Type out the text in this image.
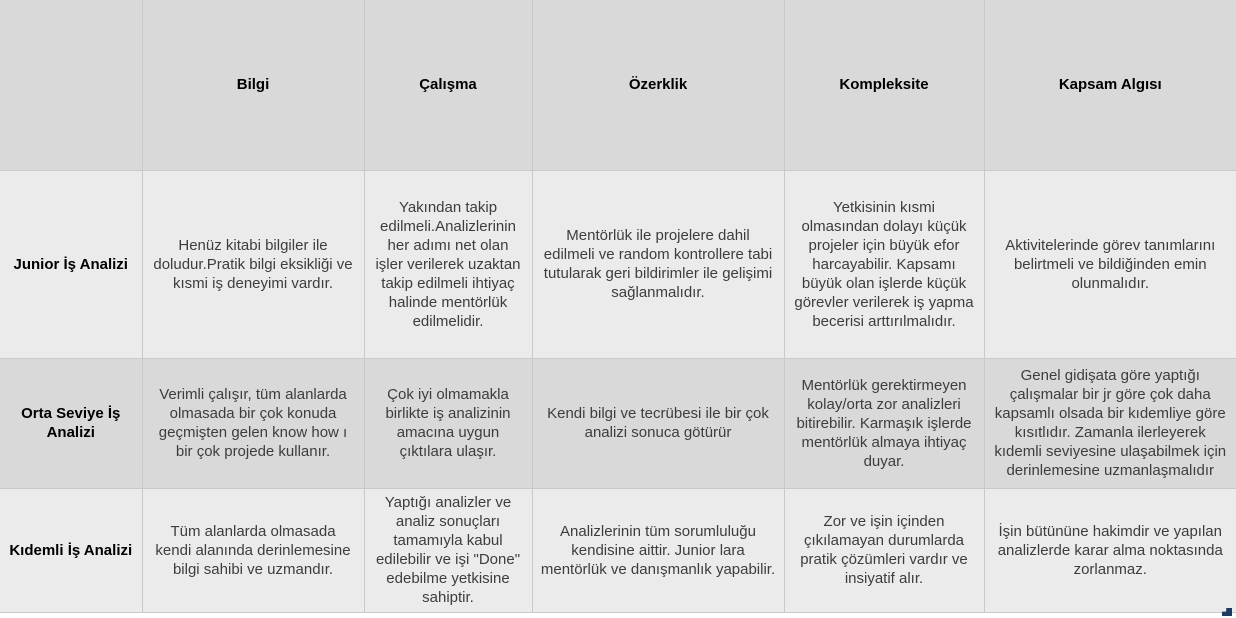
	Bilgi	Çalışma	Özerklik	Kompleksite	Kapsam Algısı
Junior İş Analizi	Henüz kitabi bilgiler ile doludur.Pratik bilgi eksikliği ve kısmi iş deneyimi vardır.	Yakından takip edilmeli.Analizlerinin her adımı net olan işler verilerek uzaktan takip edilmeli ihtiyaç halinde mentörlük edilmelidir.	Mentörlük ile projelere dahil edilmeli ve random kontrollere tabi tutularak geri bildirimler ile gelişimi sağlanmalıdır.	Yetkisinin kısmi olmasından dolayı küçük projeler için büyük efor harcayabilir. Kapsamı büyük olan işlerde küçük görevler verilerek iş yapma becerisi arttırılmalıdır.	Aktivitelerinde görev tanımlarını belirtmeli ve bildiğinden emin olunmalıdır.
Orta Seviye İş Analizi	Verimli çalışır, tüm alanlarda olmasada bir çok konuda geçmişten gelen know how ı bir çok projede kullanır.	Çok iyi olmamakla birlikte iş analizinin amacına uygun çıktılara ulaşır.	Kendi bilgi ve tecrübesi ile bir çok analizi sonuca götürür	Mentörlük gerektirmeyen kolay/orta zor analizleri bitirebilir. Karmaşık işlerde mentörlük almaya ihtiyaç duyar.	Genel gidişata göre yaptığı çalışmalar bir jr göre çok daha kapsamlı olsada bir kıdemliye göre kısıtlıdır. Zamanla ilerleyerek kıdemli seviyesine ulaşabilmek için derinlemesine uzmanlaşmalıdır
Kıdemli İş Analizi	Tüm alanlarda olmasada kendi alanında derinlemesine bilgi sahibi ve uzmandır.	Yaptığı analizler ve analiz sonuçları tamamıyla kabul edilebilir ve işi "Done" edebilme yetkisine sahiptir.	Analizlerinin tüm sorumluluğu kendisine aittir. Junior lara mentörlük ve danışmanlık yapabilir.	Zor ve işin içinden çıkılamayan durumlarda pratik çözümleri vardır ve insiyatif alır.	İşin bütününe hakimdir ve yapılan analizlerde karar alma noktasında zorlanmaz.
